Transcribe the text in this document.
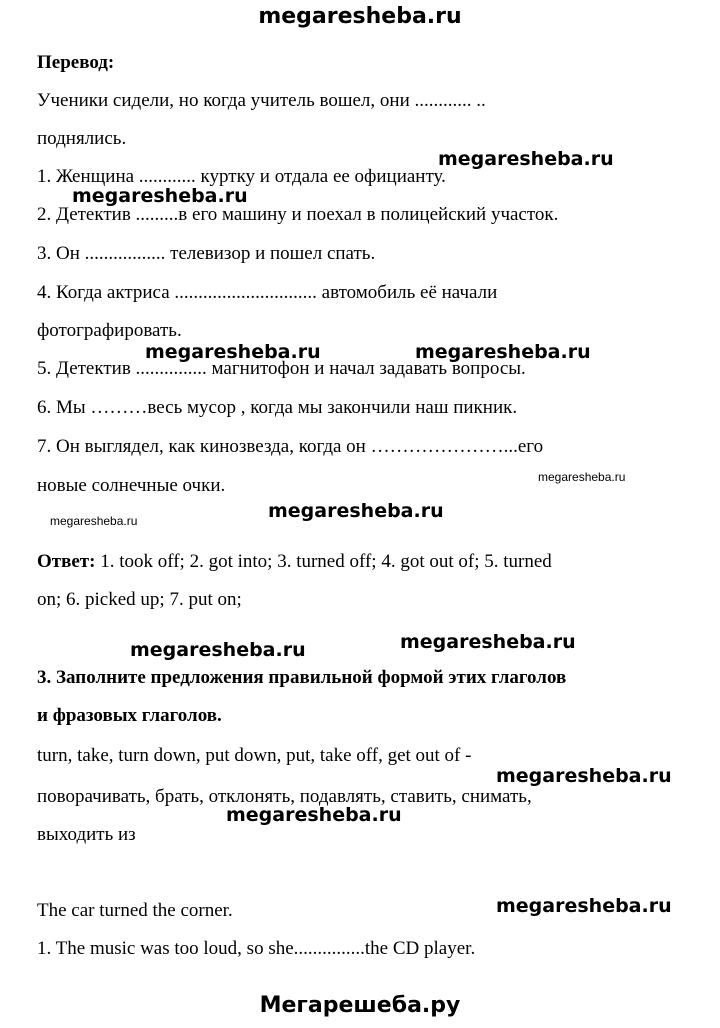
megaresheba.ru
Перевод:
Ученики сидели, но когда учитель вошел, они ............ ..
поднялись.
1. Женщина ............ куртку и отдала ее официанту.
2. Детектив .........в его машину и поехал в полицейский участок.
3. Он ................. телевизор и пошел спать.
4. Когда актриса .............................. автомобиль её начали
фотографировать.
5. Детектив ............... магнитофон и начал задавать вопросы.
6. Мы ………весь мусор , когда мы закончили наш пикник.
7. Он выглядел, как кинозвезда, когда он …………………...его
новые солнечные очки.
Ответ: 1. took off; 2. got into; 3. turned off; 4. got out of; 5. turned
on; 6. picked up; 7. put on;
3. Заполните предложения правильной формой этих глаголов
и фразовых глаголов.
turn, take, turn down, put down, put, take off, get out of -
поворачивать, брать, отклонять, подавлять, ставить, снимать,
выходить из
The car turned the corner.
1. The music was too loud, so she...............the CD player.
megaresheba.ru
megaresheba.ru
megaresheba.ru	megaresheba.ru
megaresheba.ru
megaresheba.ru
megaresheba.ru
megaresheba.ru	megaresheba.ru
megaresheba.ru
megaresheba.ru
megaresheba.ru
Мегарешеба.ру
